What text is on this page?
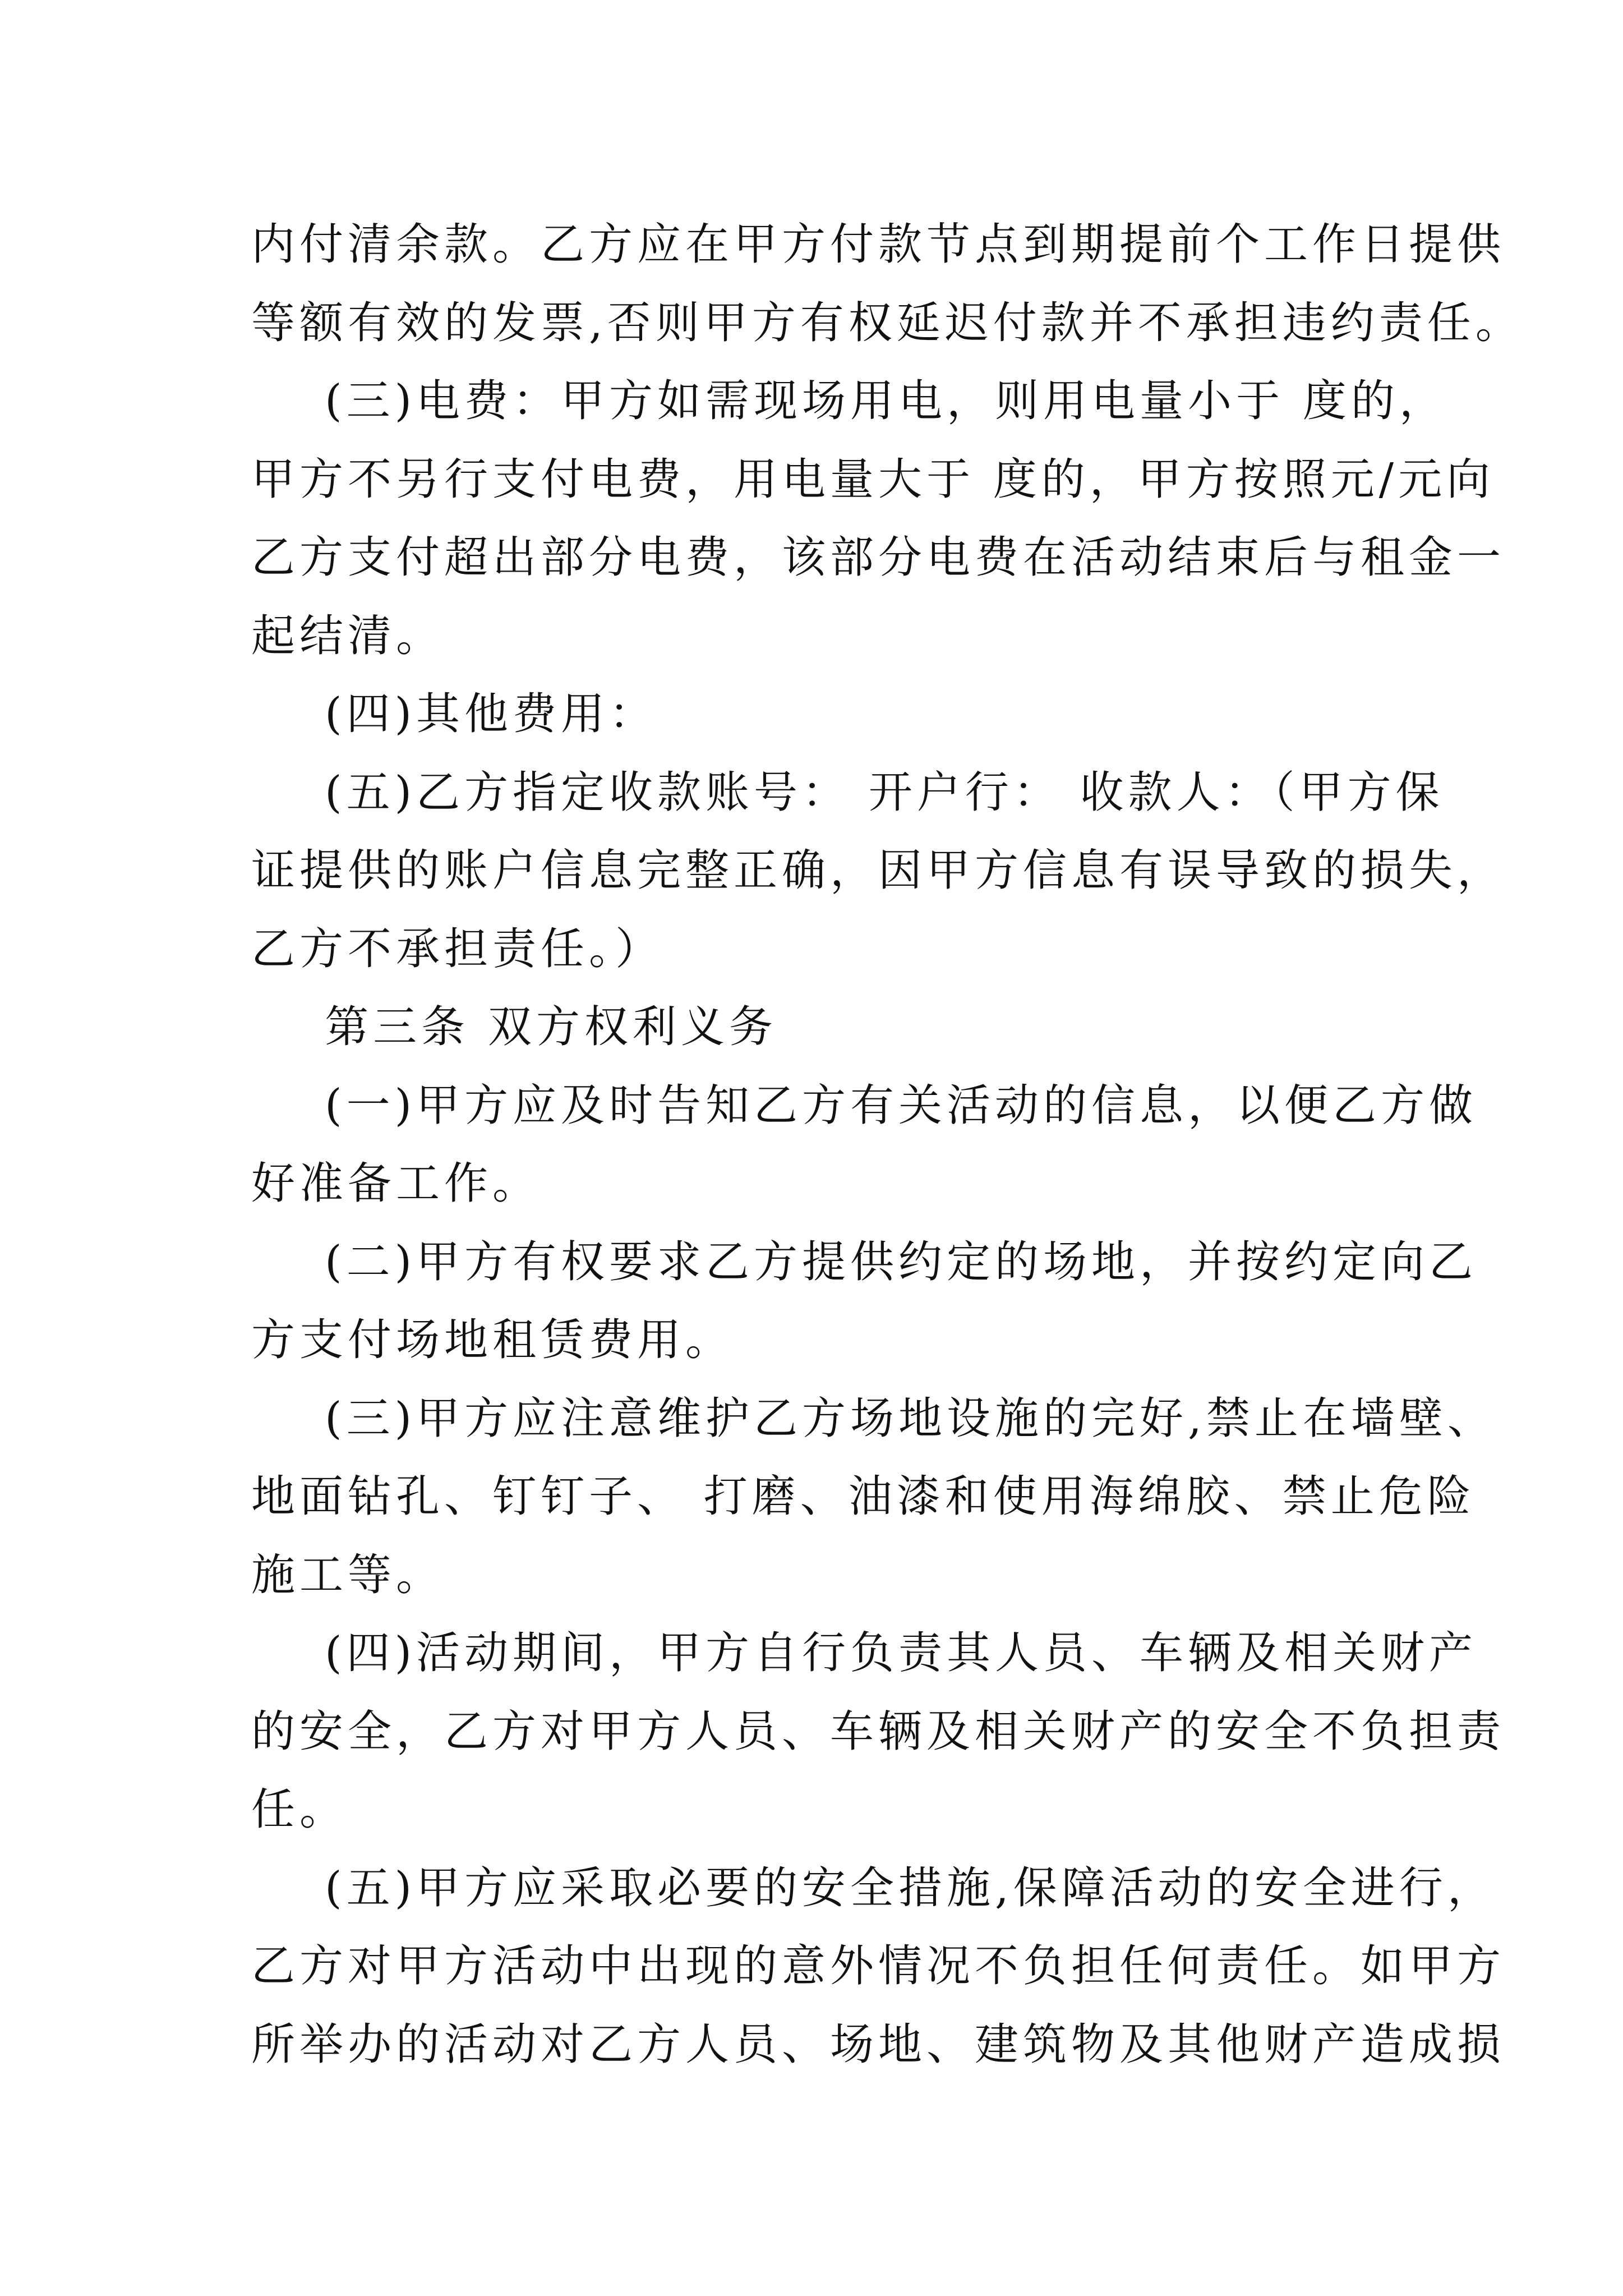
内付清余款。乙方应在甲方付款节点到期提前个工作日提供
等额有效的发票,否则甲方有权延迟付款并不承担违约责任。
(三)电费：甲方如需现场用电，则用电量小于 度的，
甲方不另行支付电费，用电量大于 度的，甲方按照元/元向
乙方支付超出部分电费，该部分电费在活动结束后与租金一
起结清。
(四)其他费用：
(五)乙方指定收款账号： 开户行： 收款人：（甲方保
证提供的账户信息完整正确，因甲方信息有误导致的损失，
乙方不承担责任。）
第三条 双方权利义务
(一)甲方应及时告知乙方有关活动的信息，以便乙方做
好准备工作。
(二)甲方有权要求乙方提供约定的场地，并按约定向乙
方支付场地租赁费用。
(三)甲方应注意维护乙方场地设施的完好,禁止在墙壁、
地面钻孔、钉钉子、 打磨、油漆和使用海绵胶、禁止危险
施工等。
(四)活动期间，甲方自行负责其人员、车辆及相关财产
的安全，乙方对甲方人员、车辆及相关财产的安全不负担责
任。
(五)甲方应采取必要的安全措施,保障活动的安全进行，
乙方对甲方活动中出现的意外情况不负担任何责任。如甲方
所举办的活动对乙方人员、场地、建筑物及其他财产造成损
